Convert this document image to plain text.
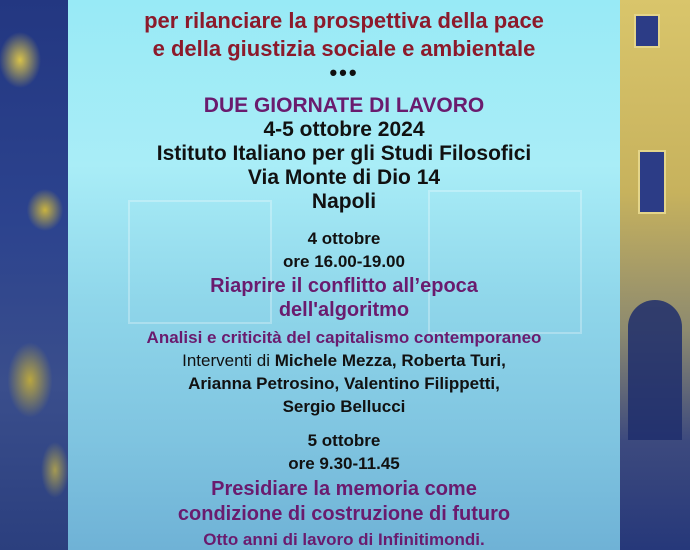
per rilanciare la prospettiva della pace
e della giustizia sociale e ambientale
•••
DUE GIORNATE DI LAVORO
4-5 ottobre 2024
Istituto Italiano per gli Studi Filosofici
Via Monte di Dio 14
Napoli
4 ottobre
ore 16.00-19.00
Riaprire il conflitto all’epoca
dell'algoritmo
Analisi e criticità del capitalismo contemporaneo
Interventi di Michele Mezza, Roberta Turi,
Arianna Petrosino, Valentino Filippetti,
Sergio Bellucci
5 ottobre
ore 9.30-11.45
Presidiare la memoria come
condizione di costruzione di futuro
Otto anni di lavoro di Infinitimondi.
